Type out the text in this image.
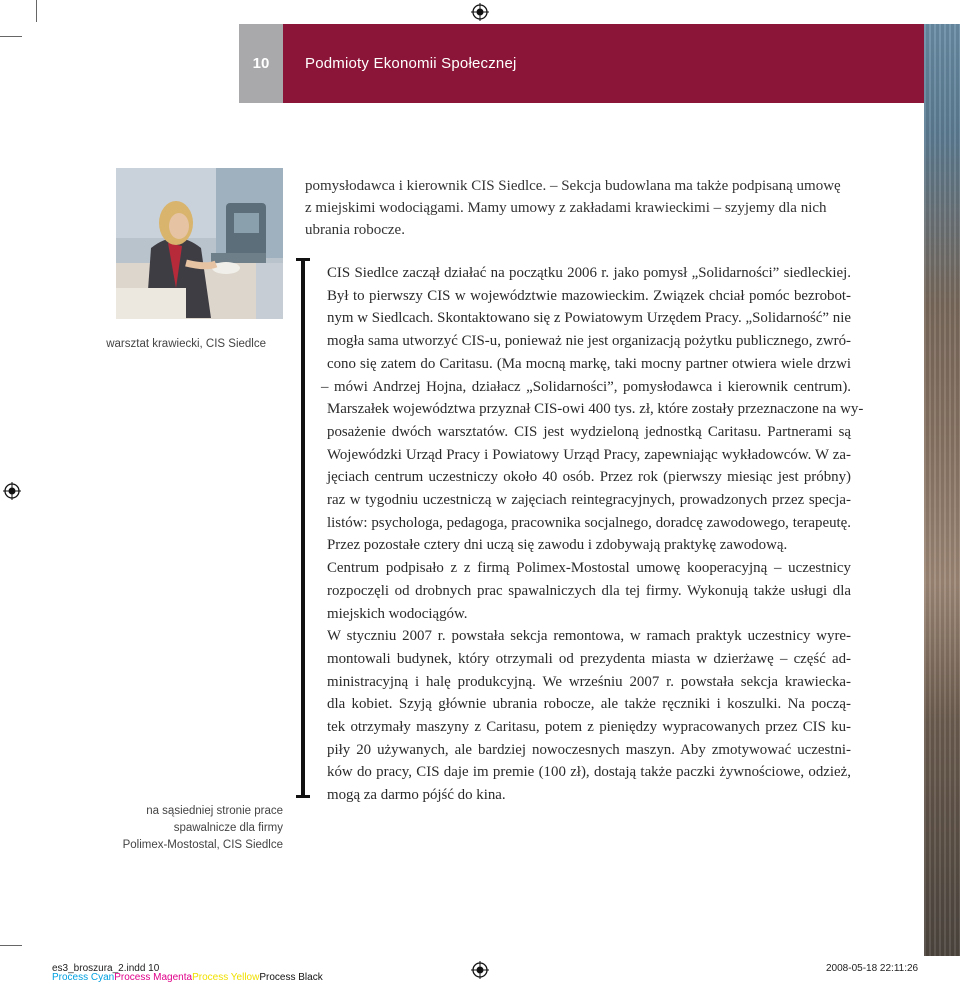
10	Podmioty Ekonomii Społecznej
warsztat krawiecki, CIS Siedlce
na sąsiedniej stronie prace
spawalnicze dla firmy
Polimex-Mostostal, CIS Siedlce

pomysłodawca i kierownik CIS Siedlce. – Sekcja budowlana ma także podpisaną umowę

z miejskimi wodociągami. Mamy umowy z zakładami krawieckimi – szyjemy dla nich

ubrania robocze.

CIS Siedlce zaczął działać na początku 2006 r. jako pomysł „Solidarności” siedleckiej.
Był to pierwszy CIS w województwie mazowieckim. Związek chciał pomóc bezrobot-
nym w Siedlcach. Skontaktowano się z Powiatowym Urzędem Pracy. „Solidarność” nie
mogła sama utworzyć CIS-u, ponieważ nie jest organizacją pożytku publicznego, zwró-
cono się zatem do Caritasu. (Ma mocną markę, taki mocny partner otwiera wiele drzwi
– mówi Andrzej Hojna, działacz „Solidarności”, pomysłodawca i kierownik centrum).
Marszałek województwa przyznał CIS-owi 400 tys. zł, które zostały przeznaczone na wy-
posażenie dwóch warsztatów. CIS jest wydzieloną jednostką Caritasu. Partnerami są
Wojewódzki Urząd Pracy i Powiatowy Urząd Pracy, zapewniając wykładowców. W za-
jęciach centrum uczestniczy około 40 osób. Przez rok (pierwszy miesiąc jest próbny)
raz w tygodniu uczestniczą w zajęciach reintegracyjnych, prowadzonych przez specja-
listów: psychologa, pedagoga, pracownika socjalnego, doradcę zawodowego, terapeutę.
Przez pozostałe cztery dni uczą się zawodu i zdobywają praktykę zawodową.
Centrum podpisało z z firmą Polimex-Mostostal umowę kooperacyjną – uczestnicy
rozpoczęli od drobnych prac spawalniczych dla tej firmy. Wykonują także usługi dla
miejskich wodociągów.
W styczniu 2007 r. powstała sekcja remontowa, w ramach praktyk uczestnicy wyre-
montowali budynek, który otrzymali od prezydenta miasta w dzierżawę – część ad-
ministracyjną i halę produkcyjną. We wrześniu 2007 r. powstała sekcja krawiecka-
dla kobiet. Szyją głównie ubrania robocze, ale także ręczniki i koszulki. Na począ-
tek otrzymały maszyny z Caritasu, potem z pieniędzy wypracowanych przez CIS ku-
piły 20 używanych, ale bardziej nowoczesnych maszyn. Aby zmotywować uczestni-
ków do pracy, CIS daje im premie (100 zł), dostają także paczki żywnościowe, odzież,
mogą za darmo pójść do kina.
es3_broszura_2.indd 10	2008-05-18 22:11:26
Process CyanProcess MagentaProcess YellowProcess Black
